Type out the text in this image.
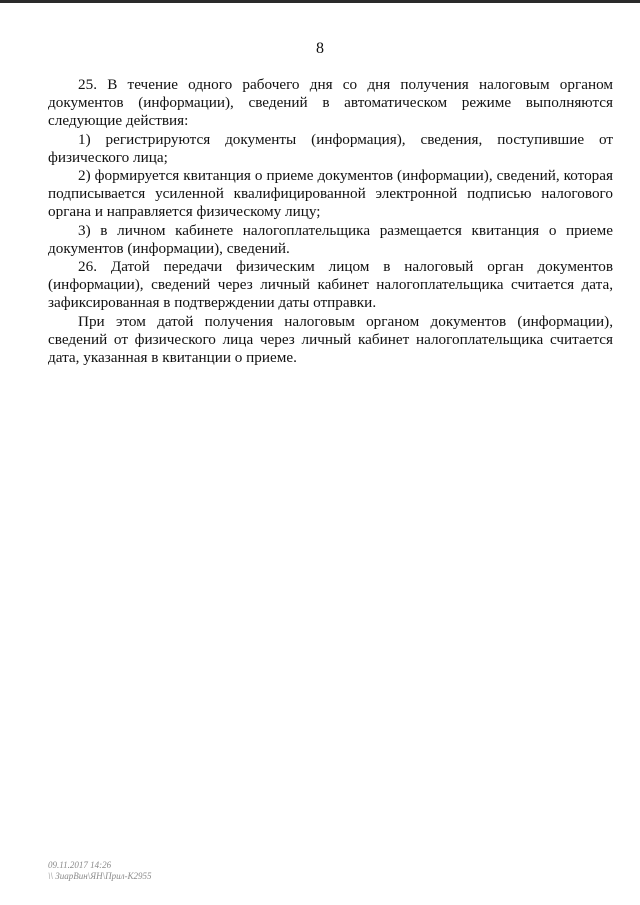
8

25. В течение одного рабочего дня со дня получения налоговым органом документов (информации), сведений в автоматическом режиме выполняются следующие действия:

1) регистрируются документы (информация), сведения, поступившие от физического лица;

2) формируется квитанция о приеме документов (информации), сведений, которая подписывается усиленной квалифицированной электронной подписью налогового органа и направляется физическому лицу;

3) в личном кабинете налогоплательщика размещается квитанция о приеме документов (информации), сведений.

26. Датой передачи физическим лицом в налоговый орган документов (информации), сведений через личный кабинет налогоплательщика считается дата, зафиксированная в подтверждении даты отправки.

При этом датой получения налоговым органом документов (информации), сведений от физического лица через личный кабинет налогоплательщика считается дата, указанная в квитанции о приеме.

09.11.2017 14:26
\\ ЗиарВин\ЯН\Прил-К2955
